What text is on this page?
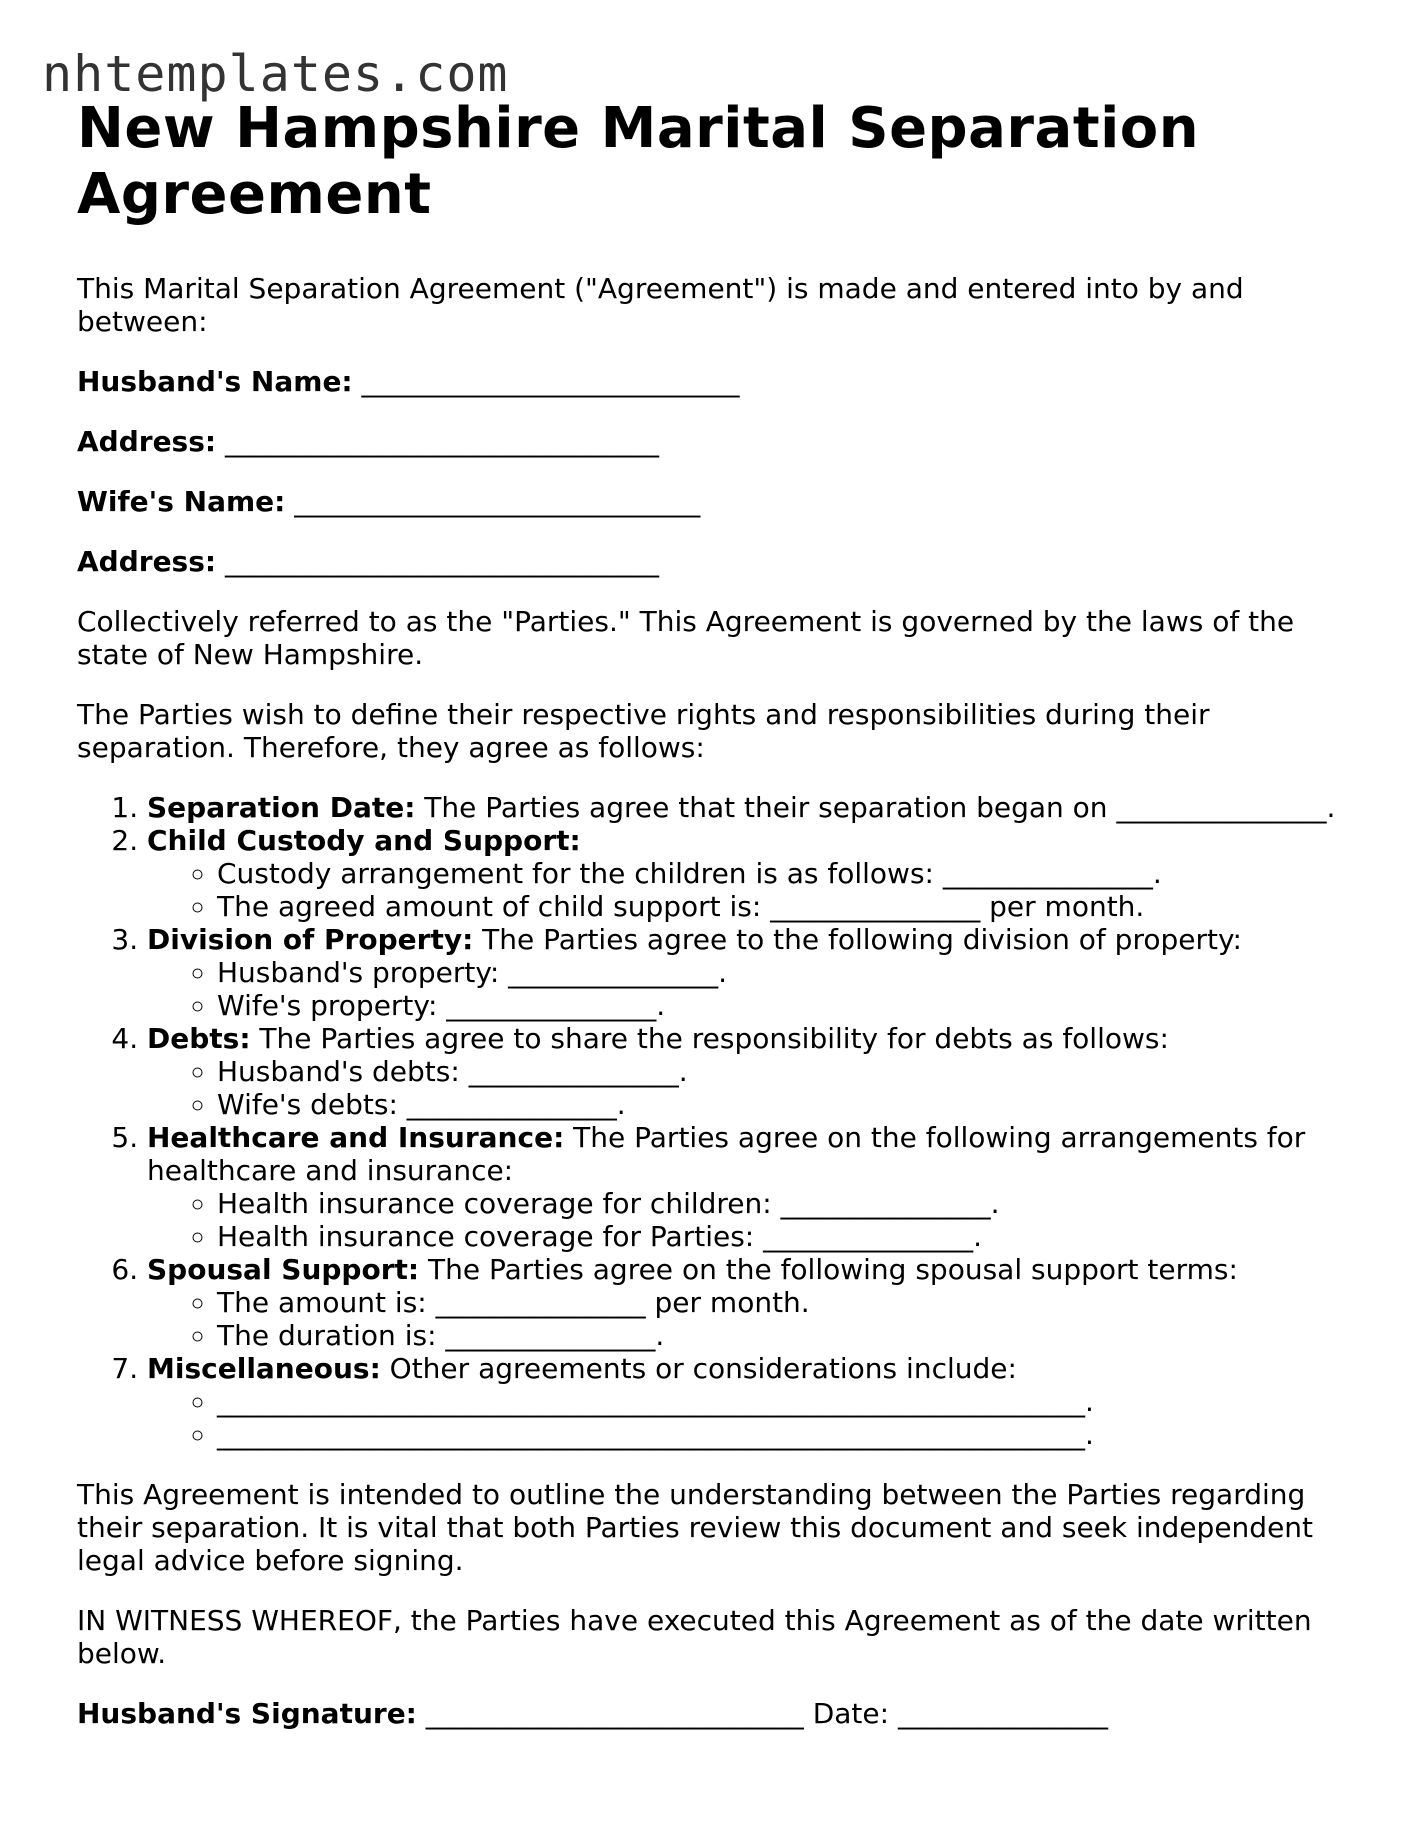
nhtemplates.com
New Hampshire Marital Separation Agreement

This Marital Separation Agreement ("Agreement") is made and entered into by and between:

Husband's Name: ___________________________

Address: _______________________________

Wife's Name: _____________________________

Address: _______________________________

Collectively referred to as the "Parties." This Agreement is governed by the laws of the state of New Hampshire.

The Parties wish to define their respective rights and responsibilities during their separation. Therefore, they agree as follows:

1. Separation Date: The Parties agree that their separation began on _______________.
2. Child Custody and Support:
◦ Custody arrangement for the children is as follows: _______________.
◦ The agreed amount of child support is: _______________ per month.
3. Division of Property: The Parties agree to the following division of property:
◦ Husband's property: _______________.
◦ Wife's property: _______________.
4. Debts: The Parties agree to share the responsibility for debts as follows:
◦ Husband's debts: _______________.
◦ Wife's debts: _______________.
5. Healthcare and Insurance: The Parties agree on the following arrangements for healthcare and insurance:
◦ Health insurance coverage for children: _______________.
◦ Health insurance coverage for Parties: _______________.
6. Spousal Support: The Parties agree on the following spousal support terms:
◦ The amount is: _______________ per month.
◦ The duration is: _______________.
7. Miscellaneous: Other agreements or considerations include:
◦ ______________________________________________________________.
◦ ______________________________________________________________.

This Agreement is intended to outline the understanding between the Parties regarding their separation. It is vital that both Parties review this document and seek independent legal advice before signing.

IN WITNESS WHEREOF, the Parties have executed this Agreement as of the date written below.

Husband's Signature: ___________________________ Date: _______________
